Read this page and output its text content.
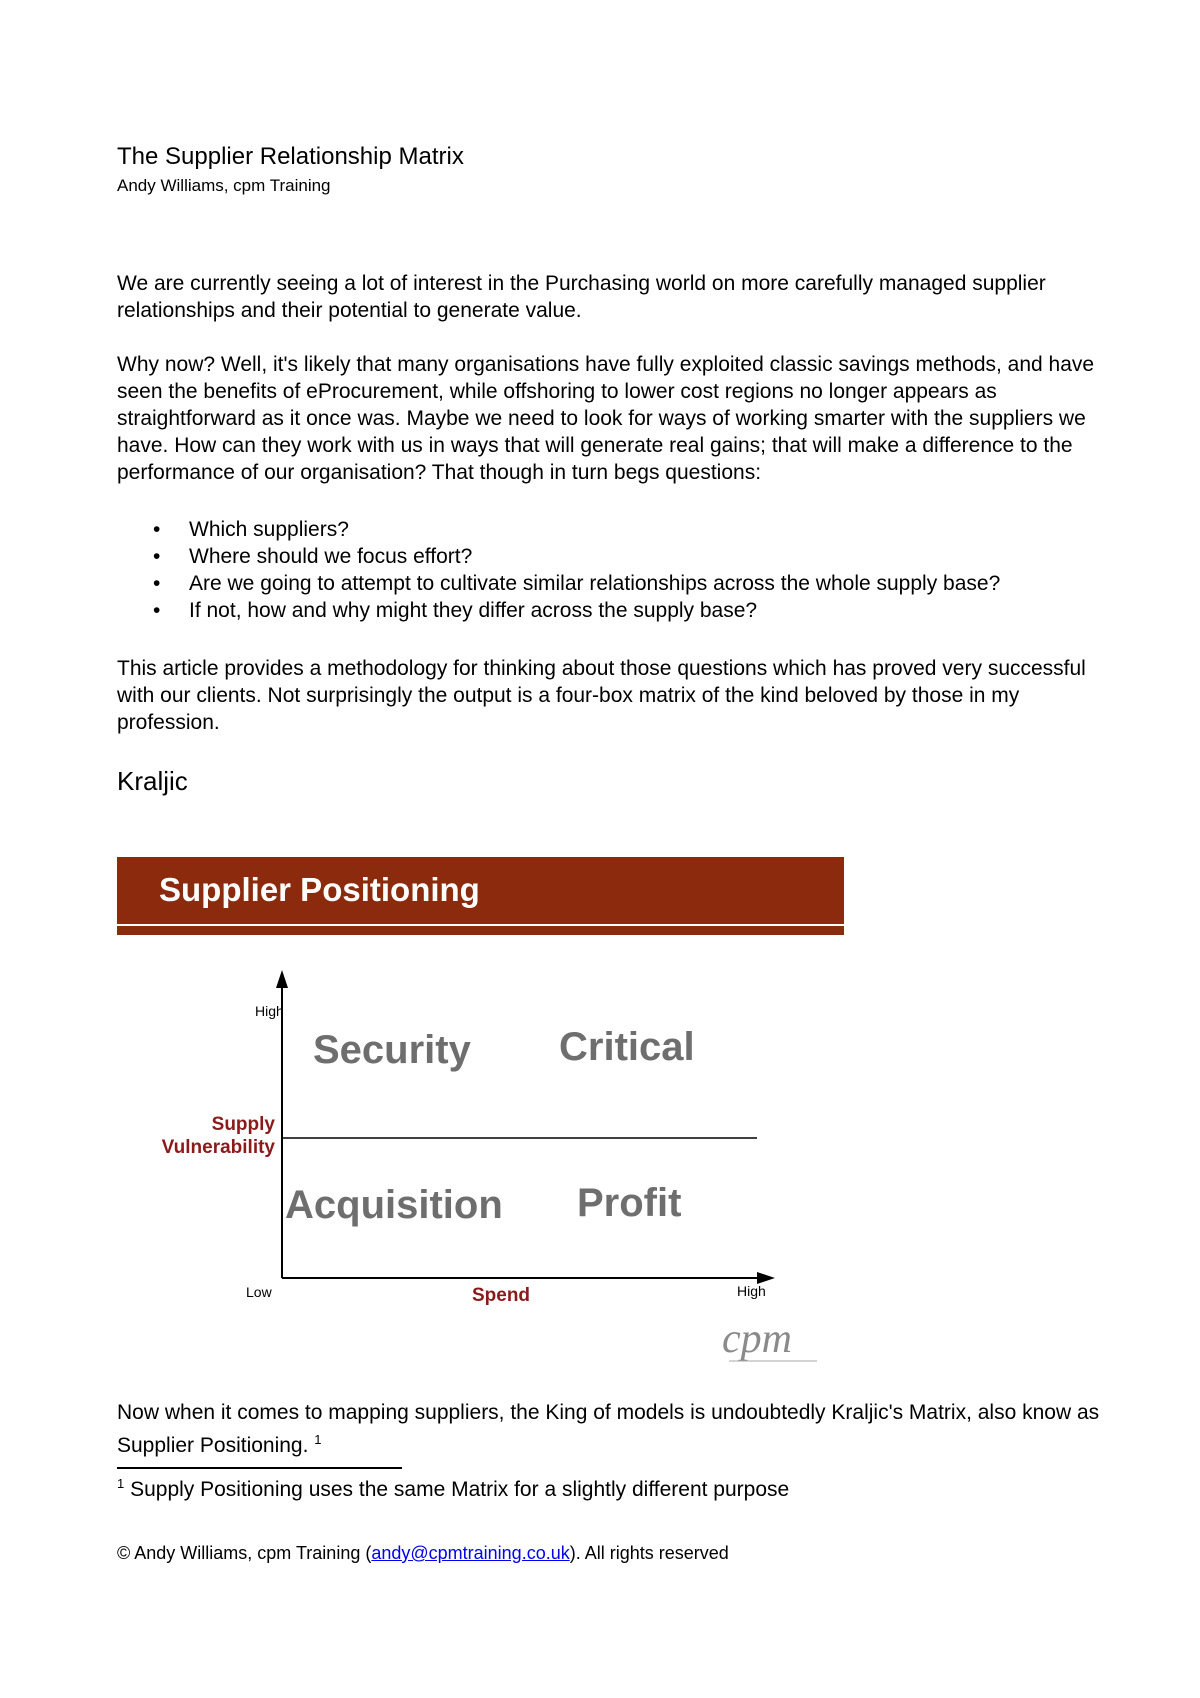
The Supplier Relationship Matrix
Andy Williams, cpm Training
We are currently seeing a lot of interest in the Purchasing world on more carefully managed supplier relationships and their potential to generate value.
Why now? Well, it's likely that many organisations have fully exploited classic savings methods, and have seen the benefits of eProcurement, while offshoring to lower cost regions no longer appears as straightforward as it once was. Maybe we need to look for ways of working smarter with the suppliers we have. How can they work with us in ways that will generate real gains; that will make a difference to the performance of our organisation? That though in turn begs questions:
• Which suppliers?
• Where should we focus effort?
• Are we going to attempt to cultivate similar relationships across the whole supply base?
• If not, how and why might they differ across the supply base?
This article provides a methodology for thinking about those questions which has proved very successful with our clients. Not surprisingly the output is a four-box matrix of the kind beloved by those in my profession.
Kraljic
Supplier Positioning
High
Supply
Vulnerability
Security Critical
Acquisition Profit
Low	Spend	High
cpm
Now when it comes to mapping suppliers, the King of models is undoubtedly Kraljic's Matrix, also know as Supplier Positioning. $^1$
$^1$ Supply Positioning uses the same Matrix for a slightly different purpose
© Andy Williams, cpm Training (andy@cpmtraining.co.uk). All rights reserved
